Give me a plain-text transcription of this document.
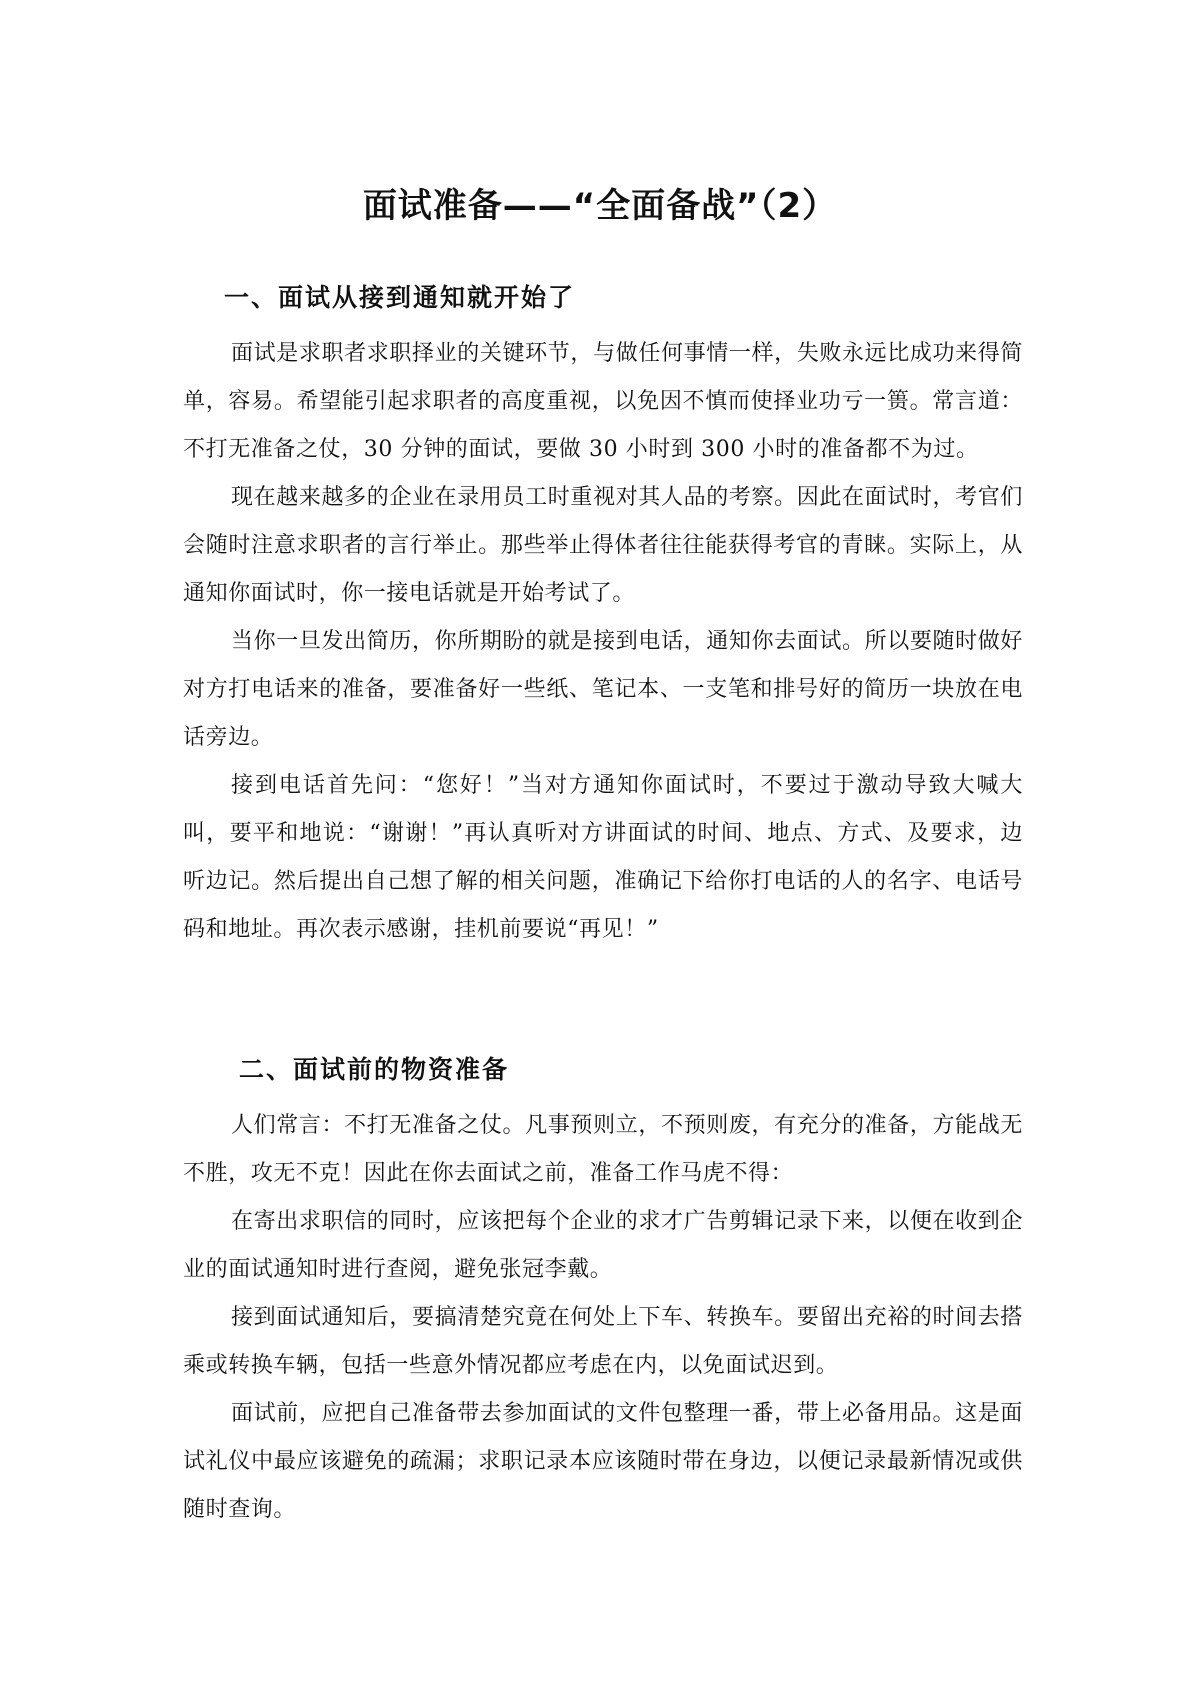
面试准备——“全面备战”（2）
一、面试从接到通知就开始了

面试是求职者求职择业的关键环节，与做任何事情一样，失败永远比成功来得简单，容易。希望能引起求职者的高度重视，以免因不慎而使择业功亏一篑。常言道：不打无准备之仗，30 分钟的面试，要做 30 小时到 300 小时的准备都不为过。

现在越来越多的企业在录用员工时重视对其人品的考察。因此在面试时，考官们会随时注意求职者的言行举止。那些举止得体者往往能获得考官的青睐。实际上，从通知你面试时，你一接电话就是开始考试了。

当你一旦发出简历，你所期盼的就是接到电话，通知你去面试。所以要随时做好对方打电话来的准备，要准备好一些纸、笔记本、一支笔和排号好的简历一块放在电话旁边。

接到电话首先问：“您好！”当对方通知你面试时，不要过于激动导致大喊大叫，要平和地说：“谢谢！”再认真听对方讲面试的时间、地点、方式、及要求，边 听边记。然后提出自己想了解的相关问题，准确记下给你打电话的人的名字、电话号码和地址。再次表示感谢，挂机前要说“再见！”

二、面试前的物资准备

人们常言：不打无准备之仗。凡事预则立，不预则废，有充分的准备，方能战无不胜，攻无不克！因此在你去面试之前，准备工作马虎不得：

在寄出求职信的同时，应该把每个企业的求才广告剪辑记录下来，以便在收到企业的面试通知时进行查阅，避免张冠李戴。

接到面试通知后，要搞清楚究竟在何处上下车、转换车。要留出充裕的时间去搭乘或转换车辆，包括一些意外情况都应考虑在内，以免面试迟到。

面试前，应把自己准备带去参加面试的文件包整理一番，带上必备用品。这是面试礼仪中最应该避免的疏漏；求职记录本应该随时带在身边，以便记录最新情况或供随时查询。
